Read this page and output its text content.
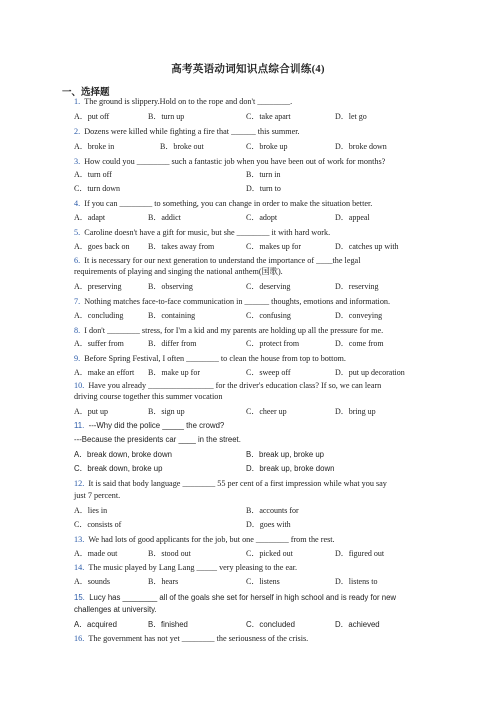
高考英语动词知识点综合训练(4)
一、选择题
1. The ground is slippery.Hold on to the rope and don't ________.
A．put off	B．turn up	C．take apart	D．let go
2. Dozens were killed while fighting a fire that ______ this summer.
A．broke in	B．broke out	C．broke up	D．broke down
3. How could you ________ such a fantastic job when you have been out of work for months?
A．turn off	B．turn in
C．turn down	D．turn to
4. If you can ________ to something, you can change in order to make the situation better.
A．adapt	B．addict	C．adopt	D．appeal
5. Caroline doesn't have a gift for music, but she ________ it with hard work.
A．goes back on B．takes away from	C．makes up for	D．catches up with
6. It is necessary for our next generation to understand the importance of ____the legal
requirements of playing and singing the national anthem(国歌).
A．preserving	B．observing	C．deserving	D．reserving
7. Nothing matches face-to-face communication in ______ thoughts, emotions and information.
A．concluding	B．containing	C．confusing	D．conveying
8. I don't ________ stress, for I'm a kid and my parents are holding up all the pressure for me.
A．suffer from	B．differ from	C．protect from	D．come from
9. Before Spring Festival, I often ________ to clean the house from top to bottom.
A．make an effort B．make up for	C．sweep off	D．put up decoration
10. Have you already ________________ for the driver's education class? If so, we can learn
driving course together this summer vocation
A．put up	B．sign up	C．cheer up	D．bring up
11. ---Why did the police _____ the crowd?
---Because the presidents car ____ in the street.
A．break down, broke down	B．break up, broke up
C．break down, broke up	D．break up, broke down
12. It is said that body language ________ 55 per cent of a first impression while what you say
just 7 percent.
A．lies in	B．accounts for
C．consists of	D．goes with
13. We had lots of good applicants for the job, but one ________ from the rest.
A．made out	B．stood out	C．picked out	D．figured out
14. The music played by Lang Lang _____ very pleasing to the ear.
A．sounds	B．hears	C．listens	D．listens to
15. Lucy has ________ all of the goals she set for herself in high school and is ready for new
challenges at university.
A．acquired	B．finished	C．concluded	D．achieved
16. The government has not yet ________ the seriousness of the crisis.
